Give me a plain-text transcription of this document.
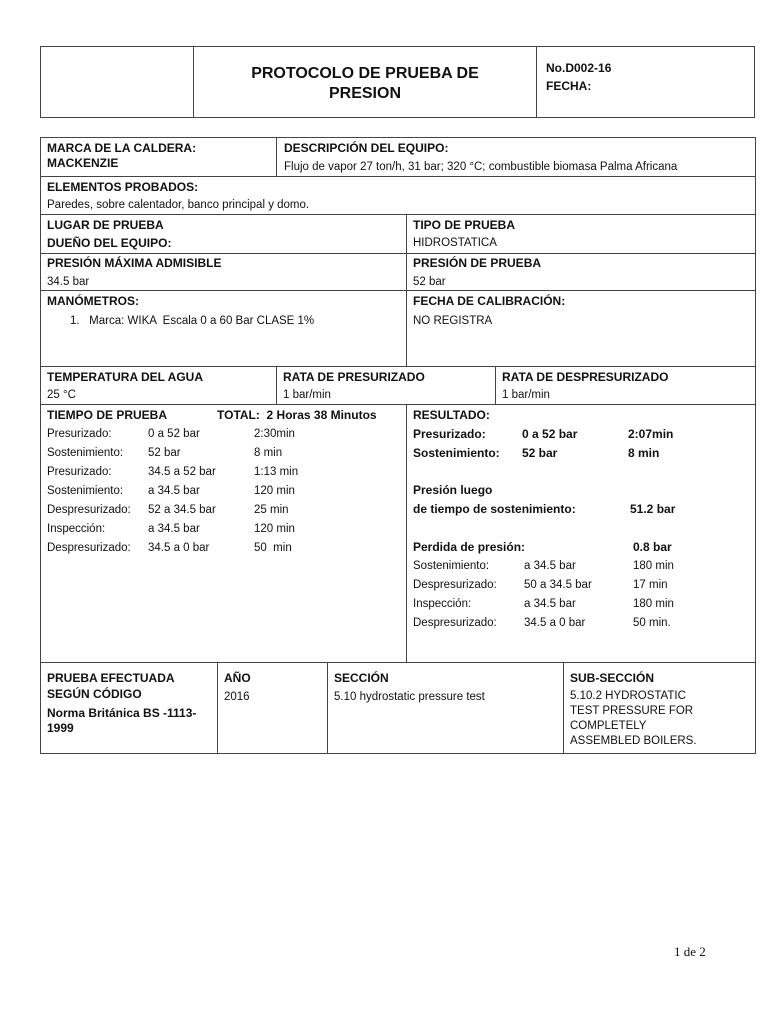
PROTOCOLO DE PRUEBA DE
PRESION
No.D002-16
FECHA:
MARCA DE LA CALDERA:
MACKENZIE
DESCRIPCIÓN DEL EQUIPO:
Flujo de vapor 27 ton/h, 31 bar; 320 °C; combustible biomasa Palma Africana
ELEMENTOS PROBADOS:
Paredes, sobre calentador, banco principal y domo.
LUGAR DE PRUEBA
DUEÑO DEL EQUIPO:
TIPO DE PRUEBA
HIDROSTATICA
PRESIÓN MÁXIMA ADMISIBLE
34.5 bar
PRESIÓN DE PRUEBA
52 bar
MANÓMETROS:
1.   Marca: WIKA  Escala 0 a 60 Bar CLASE 1%
FECHA DE CALIBRACIÓN:
NO REGISTRA
TEMPERATURA DEL AGUA
25 °C
RATA DE PRESURIZADO
1 bar/min
RATA DE DESPRESURIZADO
1 bar/min
TIEMPO DE PRUEBA	TOTAL:  2 Horas 38 Minutos
Presurizado:	0 a 52 bar	2:30min
Sostenimiento: 52 bar	8 min
Presurizado:	34.5 a 52 bar	1:13 min
Sostenimiento: a 34.5 bar	120 min
Despresurizado: 52 a 34.5 bar	25 min
Inspección:	a 34.5 bar	120 min
Despresurizado: 34.5 a 0 bar	50  min
RESULTADO:
Presurizado:	0 a 52 bar	2:07min
Sostenimiento: 52 bar	8 min
Presión luego
de tiempo de sostenimiento:	51.2 bar
Perdida de presión:	0.8 bar
Sostenimiento:	a 34.5 bar	180 min
Despresurizado: 50 a 34.5 bar	17 min
Inspección:	a 34.5 bar	180 min
Despresurizado: 34.5 a 0 bar	50 min.
PRUEBA EFECTUADA
SEGÚN CÓDIGO
Norma Británica BS -1113-
1999
AÑO
2016
SECCIÓN
5.10 hydrostatic pressure test
SUB-SECCIÓN
5.10.2 HYDROSTATIC
TEST PRESSURE FOR
COMPLETELY
ASSEMBLED BOILERS.
1 de 2
